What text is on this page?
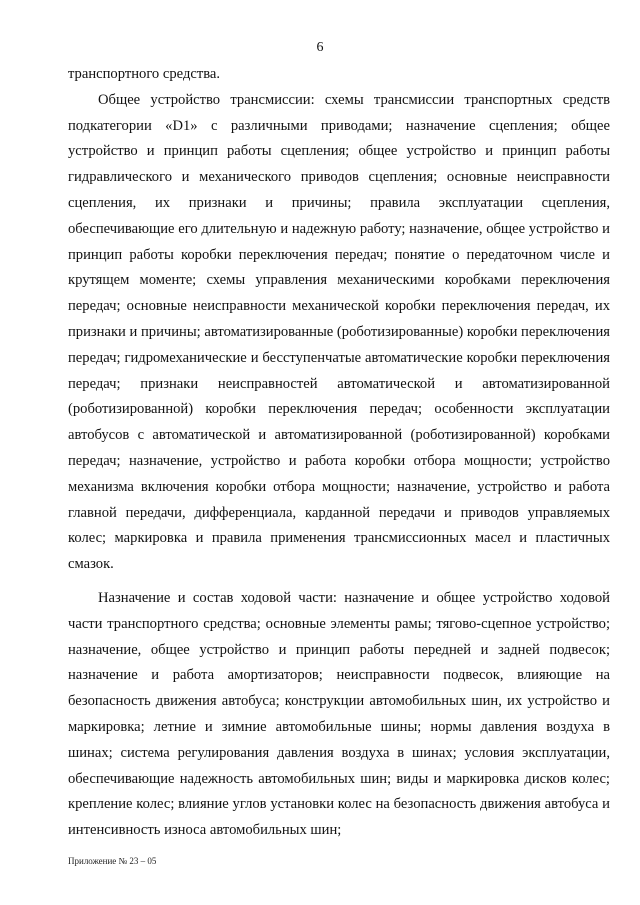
6

транспортного средства.

Общее устройство трансмиссии: схемы трансмиссии транспортных средств подкатегории «D1» с различными приводами; назначение сцепления; общее устройство и принцип работы сцепления; общее устройство и принцип работы гидравлического и механического приводов сцепления; основные неисправности сцепления, их признаки и причины; правила эксплуатации сцепления, обеспечивающие его длительную и надежную работу; назначение, общее устройство и принцип работы коробки переключения передач; понятие о передаточном числе и крутящем моменте; схемы управления механическими коробками переключения передач; основные неисправности механической коробки переключения передач, их признаки и причины; автоматизированные (роботизированные) коробки переключения передач; гидромеханические и бесступенчатые автоматические коробки переключения передач; признаки неисправностей автоматической и автоматизированной (роботизированной) коробки переключения передач; особенности эксплуатации автобусов с автоматической и автоматизированной (роботизированной) коробками передач; назначение, устройство и работа коробки отбора мощности; устройство механизма включения коробки отбора мощности; назначение, устройство и работа главной передачи, дифференциала, карданной передачи и приводов управляемых колес; маркировка и правила применения трансмиссионных масел и пластичных смазок.

Назначение и состав ходовой части: назначение и общее устройство ходовой части транспортного средства; основные элементы рамы; тягово-сцепное устройство; назначение, общее устройство и принцип работы передней и задней подвесок; назначение и работа амортизаторов; неисправности подвесок, влияющие на безопасность движения автобуса; конструкции автомобильных шин, их устройство и маркировка; летние и зимние автомобильные шины; нормы давления воздуха в шинах; система регулирования давления воздуха в шинах; условия эксплуатации, обеспечивающие надежность автомобильных шин; виды и маркировка дисков колес; крепление колес; влияние углов установки колес на безопасность движения автобуса и интенсивность износа автомобильных шин;

Приложение № 23 – 05
